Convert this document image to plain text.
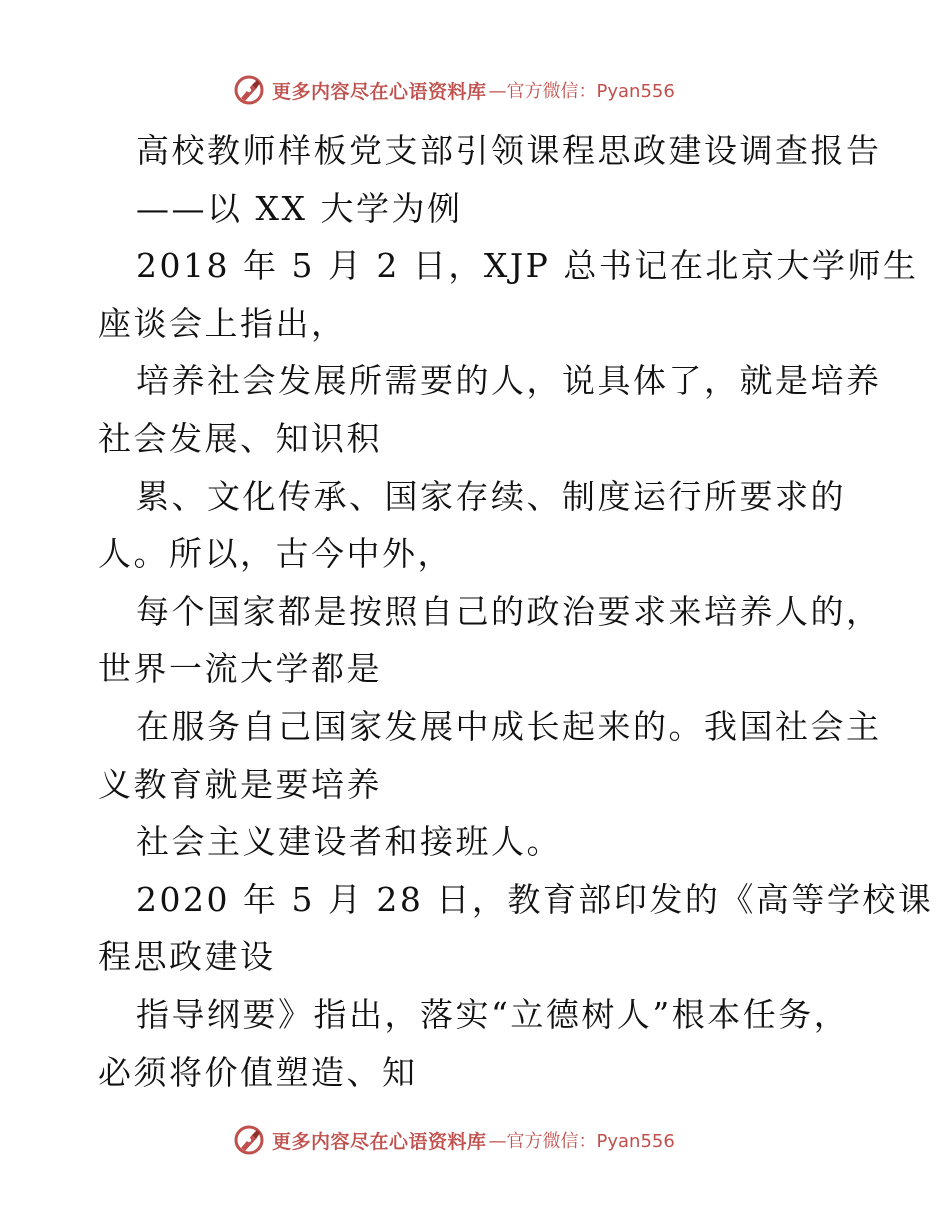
更多内容尽在心语资料库 —官方微信：Pyan556
高校教师样板党支部引领课程思政建设调查报告
——以 XX 大学为例
2018 年 5 月 2 日，XJP 总书记在北京大学师生
座谈会上指出，
培养社会发展所需要的人，说具体了，就是培养
社会发展、知识积
累、文化传承、国家存续、制度运行所要求的
人。所以，古今中外，
每个国家都是按照自己的政治要求来培养人的，
世界一流大学都是
在服务自己国家发展中成长起来的。我国社会主
义教育就是要培养
社会主义建设者和接班人。
2020 年 5 月 28 日，教育部印发的《高等学校课
程思政建设
指导纲要》指出，落实“立德树人”根本任务，
必须将价值塑造、知
更多内容尽在心语资料库 —官方微信：Pyan556
